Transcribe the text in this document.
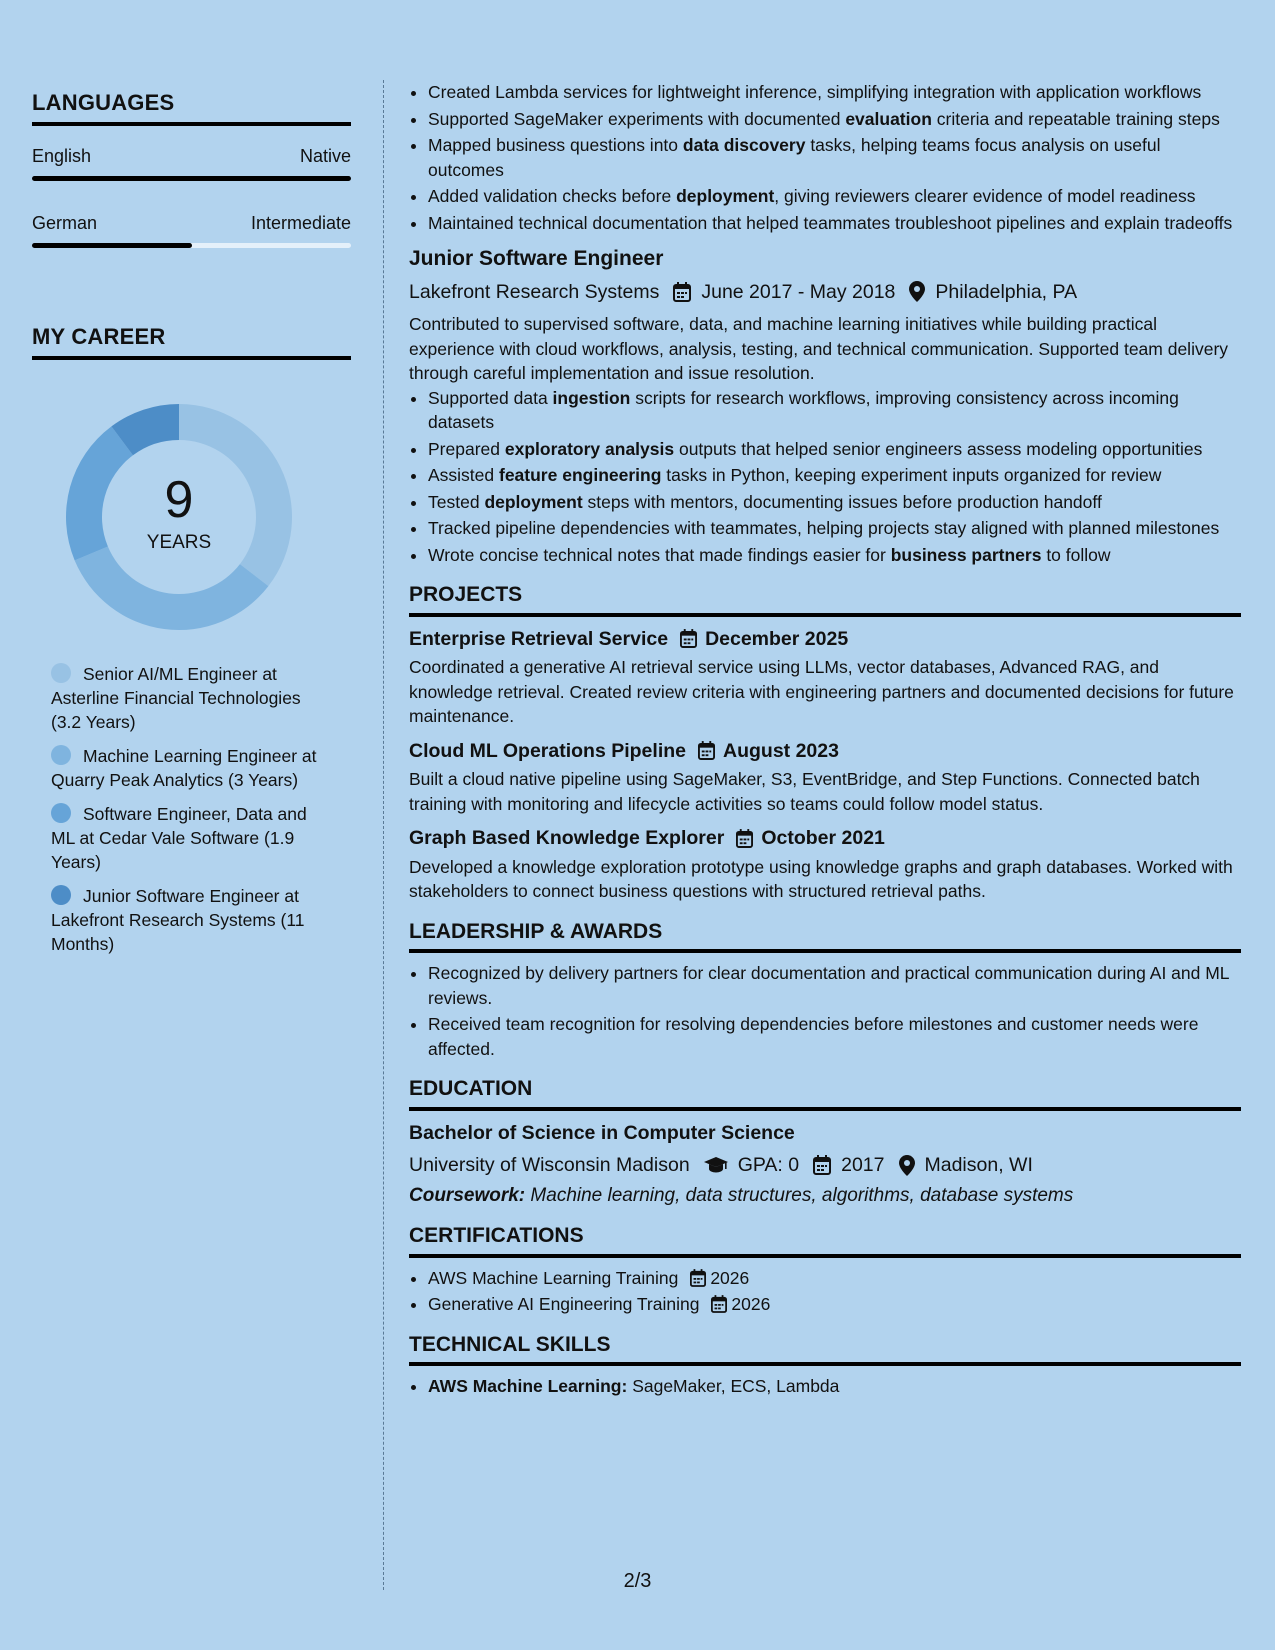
LANGUAGES
English	Native
German	Intermediate
MY CAREER
9
YEARS
Senior AI/ML Engineer at Asterline Financial Technologies (3.2 Years)
Machine Learning Engineer at Quarry Peak Analytics (3 Years)
Software Engineer, Data and ML at Cedar Vale Software (1.9 Years)
Junior Software Engineer at Lakefront Research Systems (11 Months)
• Created Lambda services for lightweight inference, simplifying integration with application workflows
• Supported SageMaker experiments with documented evaluation criteria and repeatable training steps
• Mapped business questions into data discovery tasks, helping teams focus analysis on useful outcomes
• Added validation checks before deployment, giving reviewers clearer evidence of model readiness
• Maintained technical documentation that helped teammates troubleshoot pipelines and explain tradeoffs
Junior Software Engineer
Lakefront Research Systems June 2017 - May 2018 Philadelphia, PA
Contributed to supervised software, data, and machine learning initiatives while building practical experience with cloud workflows, analysis, testing, and technical communication. Supported team delivery through careful implementation and issue resolution.
• Supported data ingestion scripts for research workflows, improving consistency across incoming datasets
• Prepared exploratory analysis outputs that helped senior engineers assess modeling opportunities
• Assisted feature engineering tasks in Python, keeping experiment inputs organized for review
• Tested deployment steps with mentors, documenting issues before production handoff
• Tracked pipeline dependencies with teammates, helping projects stay aligned with planned milestones
• Wrote concise technical notes that made findings easier for business partners to follow
PROJECTS
Enterprise Retrieval Service December 2025
Coordinated a generative AI retrieval service using LLMs, vector databases, Advanced RAG, and knowledge retrieval. Created review criteria with engineering partners and documented decisions for future maintenance.
Cloud ML Operations Pipeline August 2023
Built a cloud native pipeline using SageMaker, S3, EventBridge, and Step Functions. Connected batch training with monitoring and lifecycle activities so teams could follow model status.
Graph Based Knowledge Explorer October 2021
Developed a knowledge exploration prototype using knowledge graphs and graph databases. Worked with stakeholders to connect business questions with structured retrieval paths.
LEADERSHIP & AWARDS
• Recognized by delivery partners for clear documentation and practical communication during AI and ML reviews.
• Received team recognition for resolving dependencies before milestones and customer needs were affected.
EDUCATION
Bachelor of Science in Computer Science
University of Wisconsin Madison GPA: 0 2017 Madison, WI
Coursework: Machine learning, data structures, algorithms, database systems
CERTIFICATIONS
• AWS Machine Learning Training 2026
• Generative AI Engineering Training 2026
TECHNICAL SKILLS
• AWS Machine Learning: SageMaker, ECS, Lambda
2/3
